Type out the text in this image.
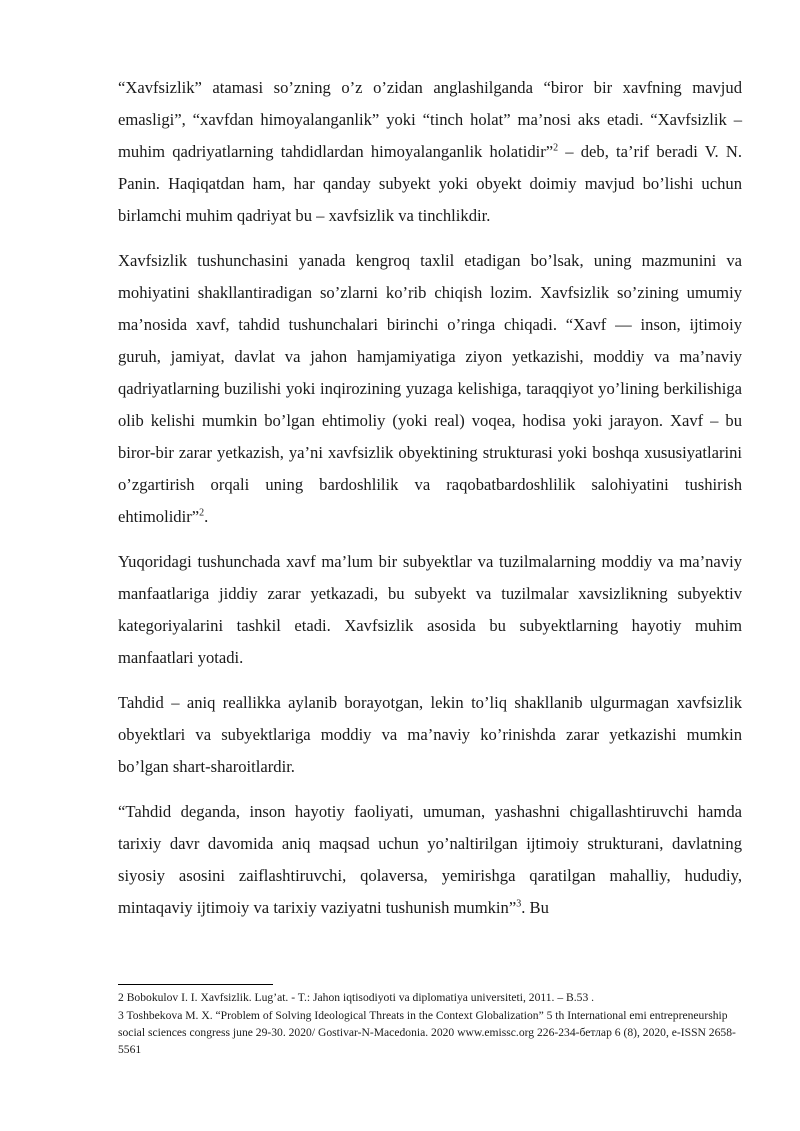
“Xavfsizlik” atamasi so’zning o’z o’zidan anglashilganda “biror bir xavfning mavjud emasligi”, “xavfdan himoyalanganlik” yoki “tinch holat” ma’nosi aks etadi. “Xavfsizlik – muhim qadriyatlarning tahdidlardan himoyalanganlik holatidir”$^2$ – deb, ta’rif beradi V. N. Panin. Haqiqatdan ham, har qanday subyekt yoki obyekt doimiy mavjud bo’lishi uchun birlamchi muhim qadriyat bu – xavfsizlik va tinchlikdir.

Xavfsizlik tushunchasini yanada kengroq taxlil etadigan bo’lsak, uning mazmunini va mohiyatini shakllantiradigan so’zlarni ko’rib chiqish lozim. Xavfsizlik so’zining umumiy ma’nosida xavf, tahdid tushunchalari birinchi o’ringa chiqadi. “Xavf — inson, ijtimoiy guruh, jamiyat, davlat va jahon hamjamiyatiga ziyon yetkazishi, moddiy va ma’naviy qadriyatlarning buzilishi yoki inqirozining yuzaga kelishiga, taraqqiyot yo’lining berkilishiga olib kelishi mumkin bo’lgan ehtimoliy (yoki real) voqea, hodisa yoki jarayon. Xavf – bu biror-bir zarar yetkazish, ya’ni xavfsizlik obyektining strukturasi yoki boshqa xususiyatlarini o’zgartirish orqali uning bardoshlilik va raqobatbardoshlilik salohiyatini tushirish ehtimolidir”$^2$.

Yuqoridagi tushunchada xavf ma’lum bir subyektlar va tuzilmalarning moddiy va ma’naviy manfaatlariga jiddiy zarar yetkazadi, bu subyekt va tuzilmalar xavsizlikning subyektiv kategoriyalarini tashkil etadi. Xavfsizlik asosida bu subyektlarning hayotiy muhim manfaatlari yotadi.

Tahdid – aniq reallikka aylanib borayotgan, lekin to’liq shakllanib ulgurmagan xavfsizlik obyektlari va subyektlariga moddiy va ma’naviy ko’rinishda zarar yetkazishi mumkin bo’lgan shart-sharoitlardir.

“Tahdid deganda, inson hayotiy faoliyati, umuman, yashashni chigallashtiruvchi hamda tarixiy davr davomida aniq maqsad uchun yo’naltirilgan ijtimoiy strukturani, davlatning siyosiy asosini zaiflashtiruvchi, qolaversa, yemirishga qaratilgan mahalliy, hududiy, mintaqaviy ijtimoiy va tarixiy vaziyatni tushunish mumkin”$^3$. Bu

2 Bobokulov I. I. Xavfsizlik. Lug’at. - T.: Jahon iqtisodiyoti va diplomatiya universiteti, 2011. – B.53 .

3 Toshbekova M. X. “Problem of Solving Ideological Threats in the Context Globalization” 5 th International emi entrepreneurship social sciences congress june 29-30. 2020/ Gostivar-N-Macedonia. 2020 www.emissc.org 226-234-бетлар 6 (8), 2020, e-ISSN 2658-5561
